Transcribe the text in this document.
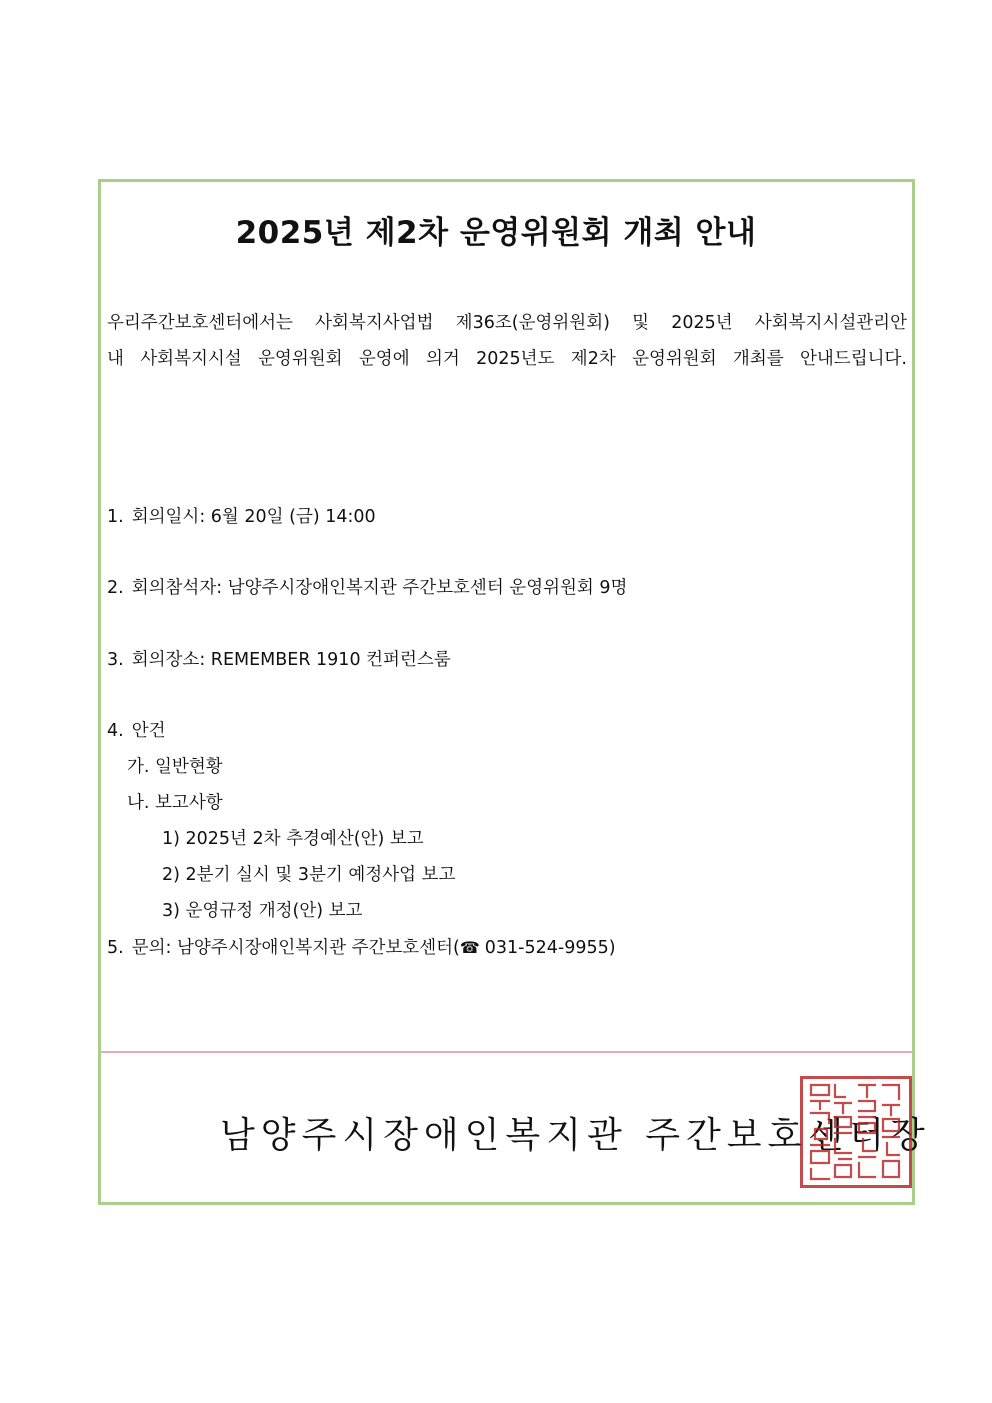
2025년 제2차 운영위원회 개최 안내

우리주간보호센터에서는 사회복지사업법 제36조(운영위원회) 및 2025년 사회복지시설관리안
내 사회복지시설 운영위원회 운영에 의거 2025년도 제2차 운영위원회 개최를 안내드립니다.

1. 회의일시: 6월 20일 (금) 14:00

2. 회의참석자: 남양주시장애인복지관 주간보호센터 운영위원회 9명

3. 회의장소: REMEMBER 1910 컨퍼런스룸

4. 안건

가. 일반현황

나. 보고사항

1) 2025년 2차 추경예산(안) 보고

2) 2분기 실시 및 3분기 예정사업 보고

3) 운영규정 개정(안) 보고

5. 문의: 남양주시장애인복지관 주간보호센터(☎ 031-524-9955)

남양주시장애인복지관 주간보호센터장
